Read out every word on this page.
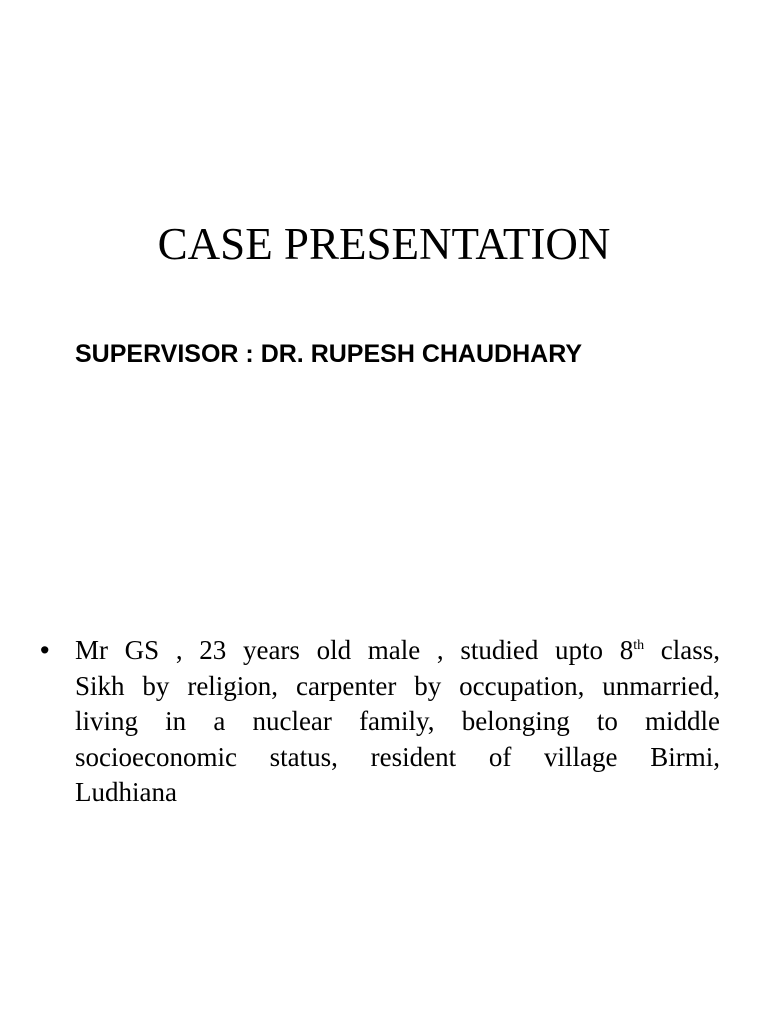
CASE PRESENTATION
SUPERVISOR : DR. RUPESH CHAUDHARY
• Mr GS , 23 years old male , studied upto 8th class,
Sikh by religion, carpenter by occupation, unmarried,
living in a nuclear family, belonging to middle
socioeconomic status, resident of village Birmi,
Ludhiana
